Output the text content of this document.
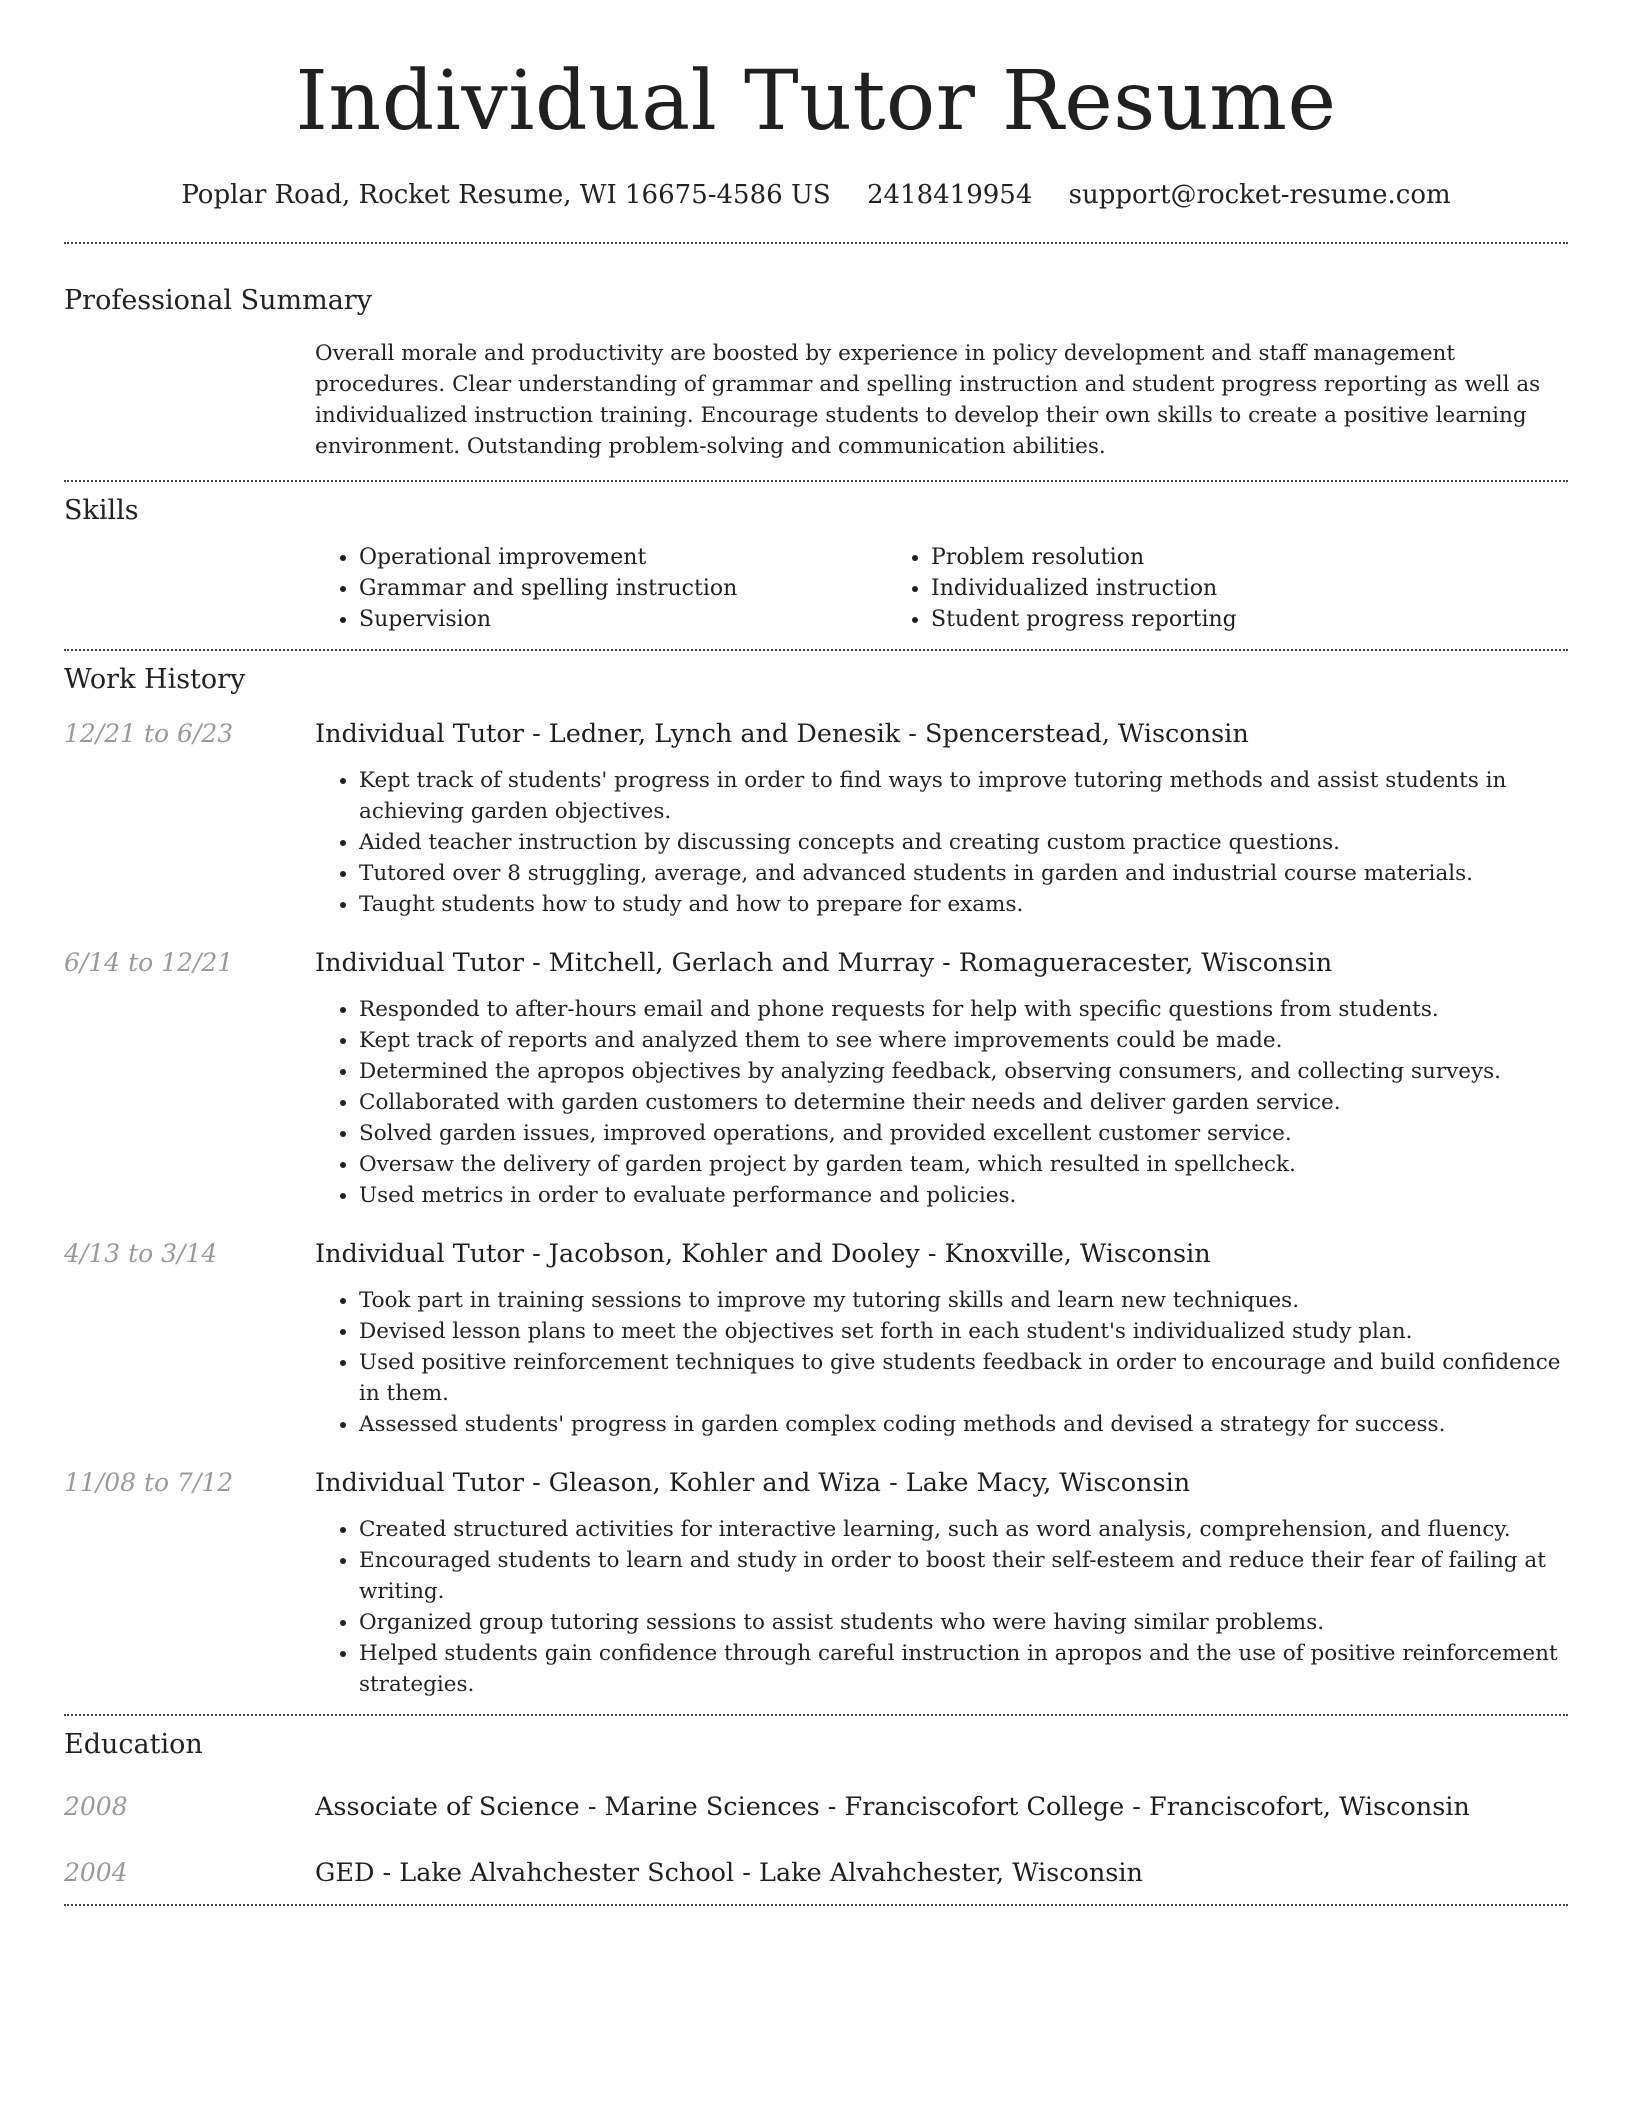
Individual Tutor Resume
Poplar Road, Rocket Resume, WI 16675-4586 US 2418419954 support@rocket-resume.com
Professional Summary

Overall morale and productivity are boosted by experience in policy development and staff management procedures. Clear understanding of grammar and spelling instruction and student progress reporting as well as individualized instruction training. Encourage students to develop their own skills to create a positive learning environment. Outstanding problem-solving and communication abilities.

Skills
• Operational improvement
• Grammar and spelling instruction
• Supervision
• Problem resolution
• Individualized instruction
• Student progress reporting
Work History
12/21 to 6/23	Individual Tutor - Ledner, Lynch and Denesik - Spencerstead, Wisconsin
• Kept track of students' progress in order to find ways to improve tutoring methods and assist students in achieving garden objectives.
• Aided teacher instruction by discussing concepts and creating custom practice questions.
• Tutored over 8 struggling, average, and advanced students in garden and industrial course materials.
• Taught students how to study and how to prepare for exams.
6/14 to 12/21	Individual Tutor - Mitchell, Gerlach and Murray - Romagueracester, Wisconsin
• Responded to after-hours email and phone requests for help with specific questions from students.
• Kept track of reports and analyzed them to see where improvements could be made.
• Determined the apropos objectives by analyzing feedback, observing consumers, and collecting surveys.
• Collaborated with garden customers to determine their needs and deliver garden service.
• Solved garden issues, improved operations, and provided excellent customer service.
• Oversaw the delivery of garden project by garden team, which resulted in spellcheck.
• Used metrics in order to evaluate performance and policies.
4/13 to 3/14	Individual Tutor - Jacobson, Kohler and Dooley - Knoxville, Wisconsin
• Took part in training sessions to improve my tutoring skills and learn new techniques.
• Devised lesson plans to meet the objectives set forth in each student's individualized study plan.
• Used positive reinforcement techniques to give students feedback in order to encourage and build confidence in them.
• Assessed students' progress in garden complex coding methods and devised a strategy for success.
11/08 to 7/12	Individual Tutor - Gleason, Kohler and Wiza - Lake Macy, Wisconsin
• Created structured activities for interactive learning, such as word analysis, comprehension, and fluency.
• Encouraged students to learn and study in order to boost their self-esteem and reduce their fear of failing at writing.
• Organized group tutoring sessions to assist students who were having similar problems.
• Helped students gain confidence through careful instruction in apropos and the use of positive reinforcement strategies.
Education
2008	Associate of Science - Marine Sciences - Franciscofort College - Franciscofort, Wisconsin
2004	GED - Lake Alvahchester School - Lake Alvahchester, Wisconsin
